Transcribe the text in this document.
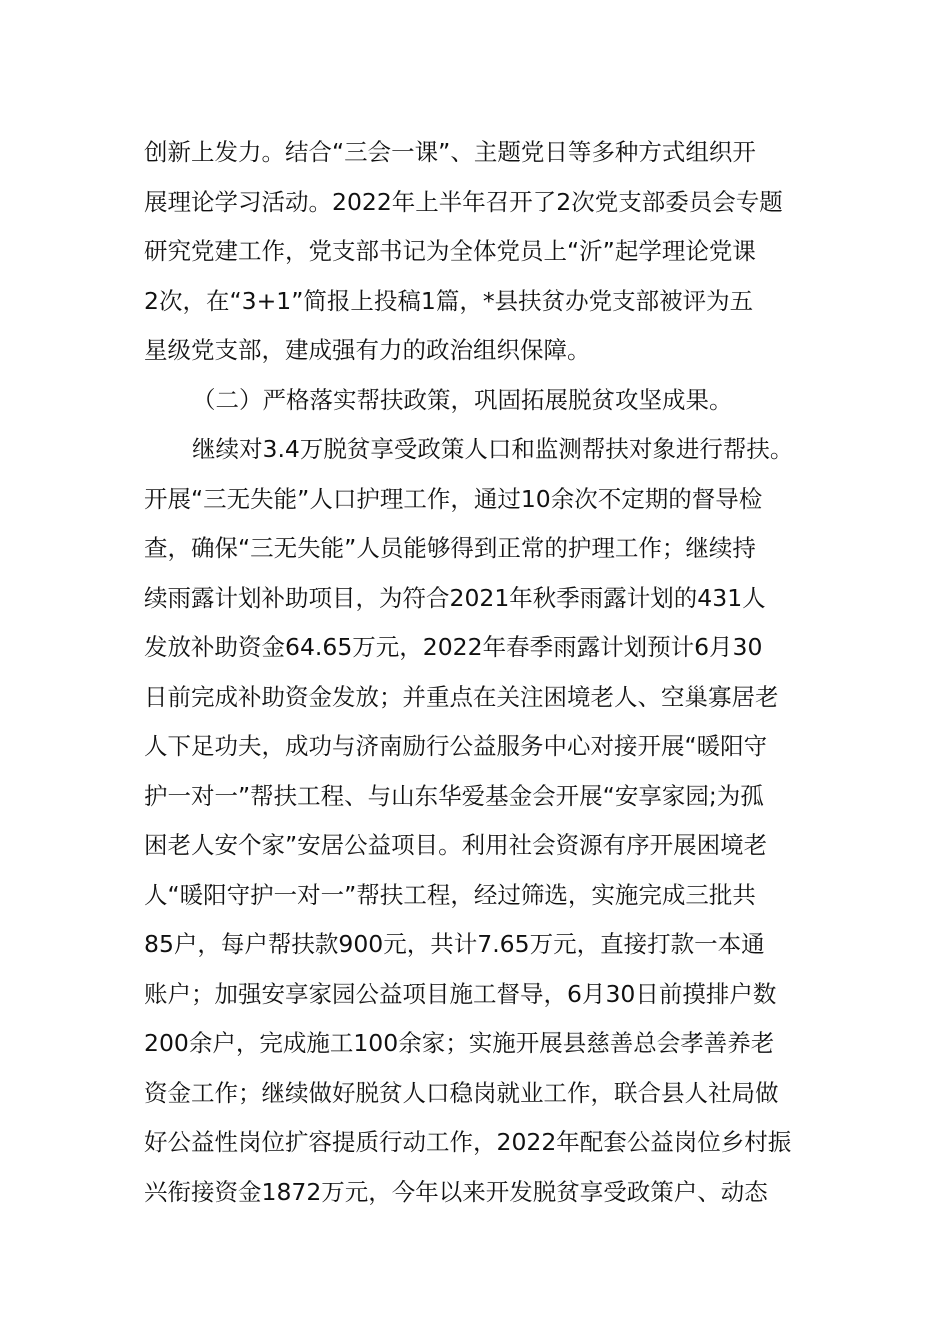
创新上发力。结合“三会一课”、主题党日等多种方式组织开
展理论学习活动。2022年上半年召开了2次党支部委员会专题
研究党建工作，党支部书记为全体党员上“沂”起学理论党课
2次，在“3+1”简报上投稿1篇，*县扶贫办党支部被评为五
星级党支部，建成强有力的政治组织保障。
（二）严格落实帮扶政策，巩固拓展脱贫攻坚成果。
继续对3.4万脱贫享受政策人口和监测帮扶对象进行帮扶。
开展“三无失能”人口护理工作，通过10余次不定期的督导检
查，确保“三无失能”人员能够得到正常的护理工作；继续持
续雨露计划补助项目，为符合2021年秋季雨露计划的431人
发放补助资金64.65万元，2022年春季雨露计划预计6月30
日前完成补助资金发放；并重点在关注困境老人、空巢寡居老
人下足功夫，成功与济南励行公益服务中心对接开展“暖阳守
护一对一”帮扶工程、与山东华爱基金会开展“安享家园;为孤
困老人安个家”安居公益项目。利用社会资源有序开展困境老
人“暖阳守护一对一”帮扶工程，经过筛选，实施完成三批共
85户，每户帮扶款900元，共计7.65万元，直接打款一本通
账户；加强安享家园公益项目施工督导，6月30日前摸排户数
200余户，完成施工100余家；实施开展县慈善总会孝善养老
资金工作；继续做好脱贫人口稳岗就业工作，联合县人社局做
好公益性岗位扩容提质行动工作，2022年配套公益岗位乡村振
兴衔接资金1872万元，今年以来开发脱贫享受政策户、动态
